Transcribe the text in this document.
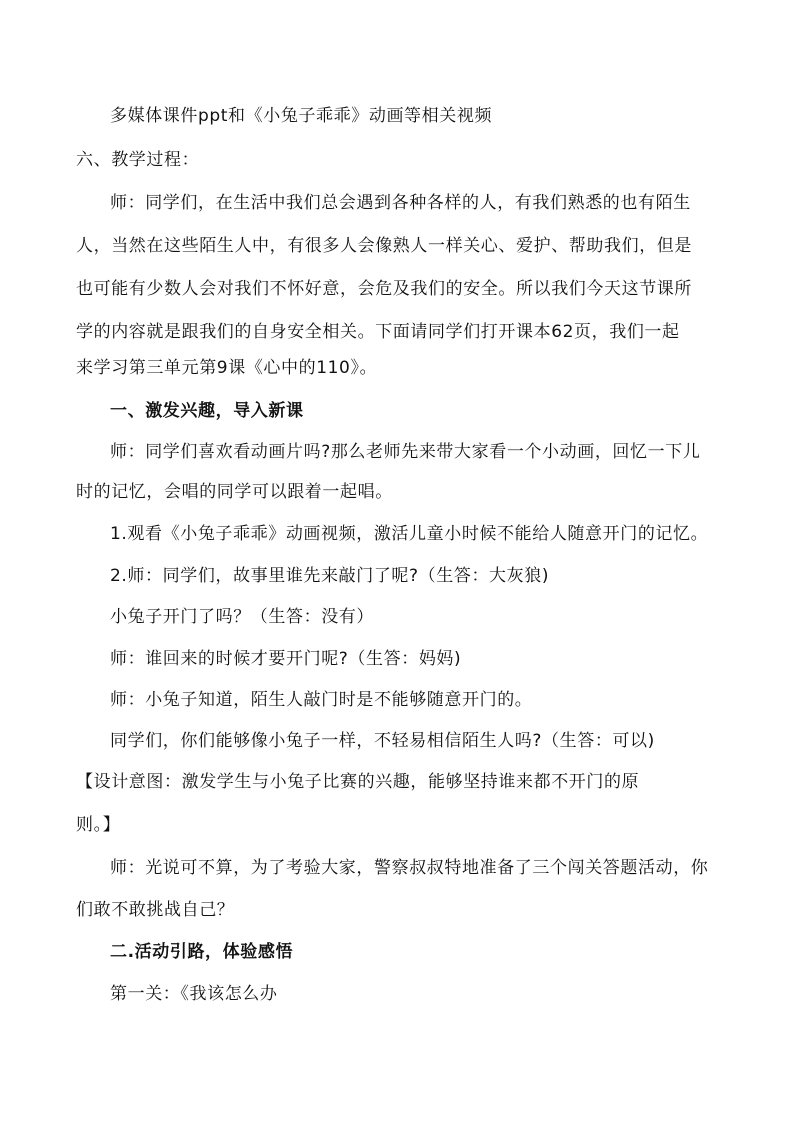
多媒体课件ppt和《小兔子乖乖》动画等相关视频
六、教学过程：
师：同学们，在生活中我们总会遇到各种各样的人，有我们熟悉的也有陌生
人，当然在这些陌生人中，有很多人会像熟人一样关心、爱护、帮助我们，但是
也可能有少数人会对我们不怀好意，会危及我们的安全。所以我们今天这节课所
学的内容就是跟我们的自身安全相关。下面请同学们打开课本62页，我们一起
来学习第三单元第9课《心中的110》。
一、激发兴趣，导入新课
师：同学们喜欢看动画片吗?那么老师先来带大家看一个小动画，回忆一下儿
时的记忆，会唱的同学可以跟着一起唱。
1.观看《小兔子乖乖》动画视频，激活儿童小时候不能给人随意开门的记忆。
2.师：同学们，故事里谁先来敲门了呢?（生答：大灰狼)
小兔子开门了吗？（生答：没有）
师：谁回来的时候才要开门呢?（生答：妈妈)
师：小兔子知道，陌生人敲门时是不能够随意开门的。
同学们，你们能够像小兔子一样，不轻易相信陌生人吗?（生答：可以)
【设计意图：激发学生与小兔子比赛的兴趣，能够坚持谁来都不开门的原
则。】
师：光说可不算，为了考验大家，警察叔叔特地准备了三个闯关答题活动，你
们敢不敢挑战自己？
二.活动引路，体验感悟
第一关：《我该怎么办
